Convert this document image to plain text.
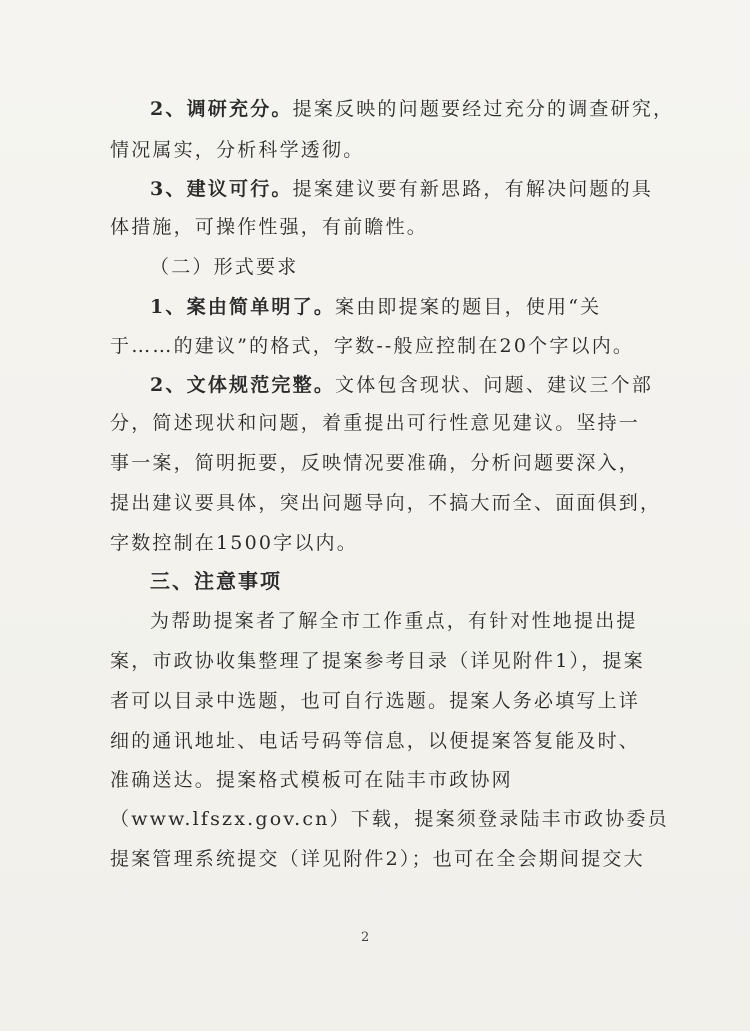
2、调研充分。提案反映的问题要经过充分的调查研究，
情况属实，分析科学透彻。
3、建议可行。提案建议要有新思路，有解决问题的具
体措施，可操作性强，有前瞻性。
（二）形式要求
1、案由简单明了。案由即提案的题目，使用“关
于……的建议”的格式，字数--般应控制在20个字以内。
2、文体规范完整。文体包含现状、问题、建议三个部
分，简述现状和问题，着重提出可行性意见建议。坚持一
事一案，简明扼要，反映情况要准确，分析问题要深入，
提出建议要具体，突出问题导向，不搞大而全、面面俱到，
字数控制在1500字以内。
三、注意事项
为帮助提案者了解全市工作重点，有针对性地提出提
案，市政协收集整理了提案参考目录（详见附件1），提案
者可以目录中选题，也可自行选题。提案人务必填写上详
细的通讯地址、电话号码等信息，以便提案答复能及时、
准确送达。提案格式模板可在陆丰市政协网
（www.lfszx.gov.cn）下载，提案须登录陆丰市政协委员
提案管理系统提交（详见附件2）；也可在全会期间提交大
2
